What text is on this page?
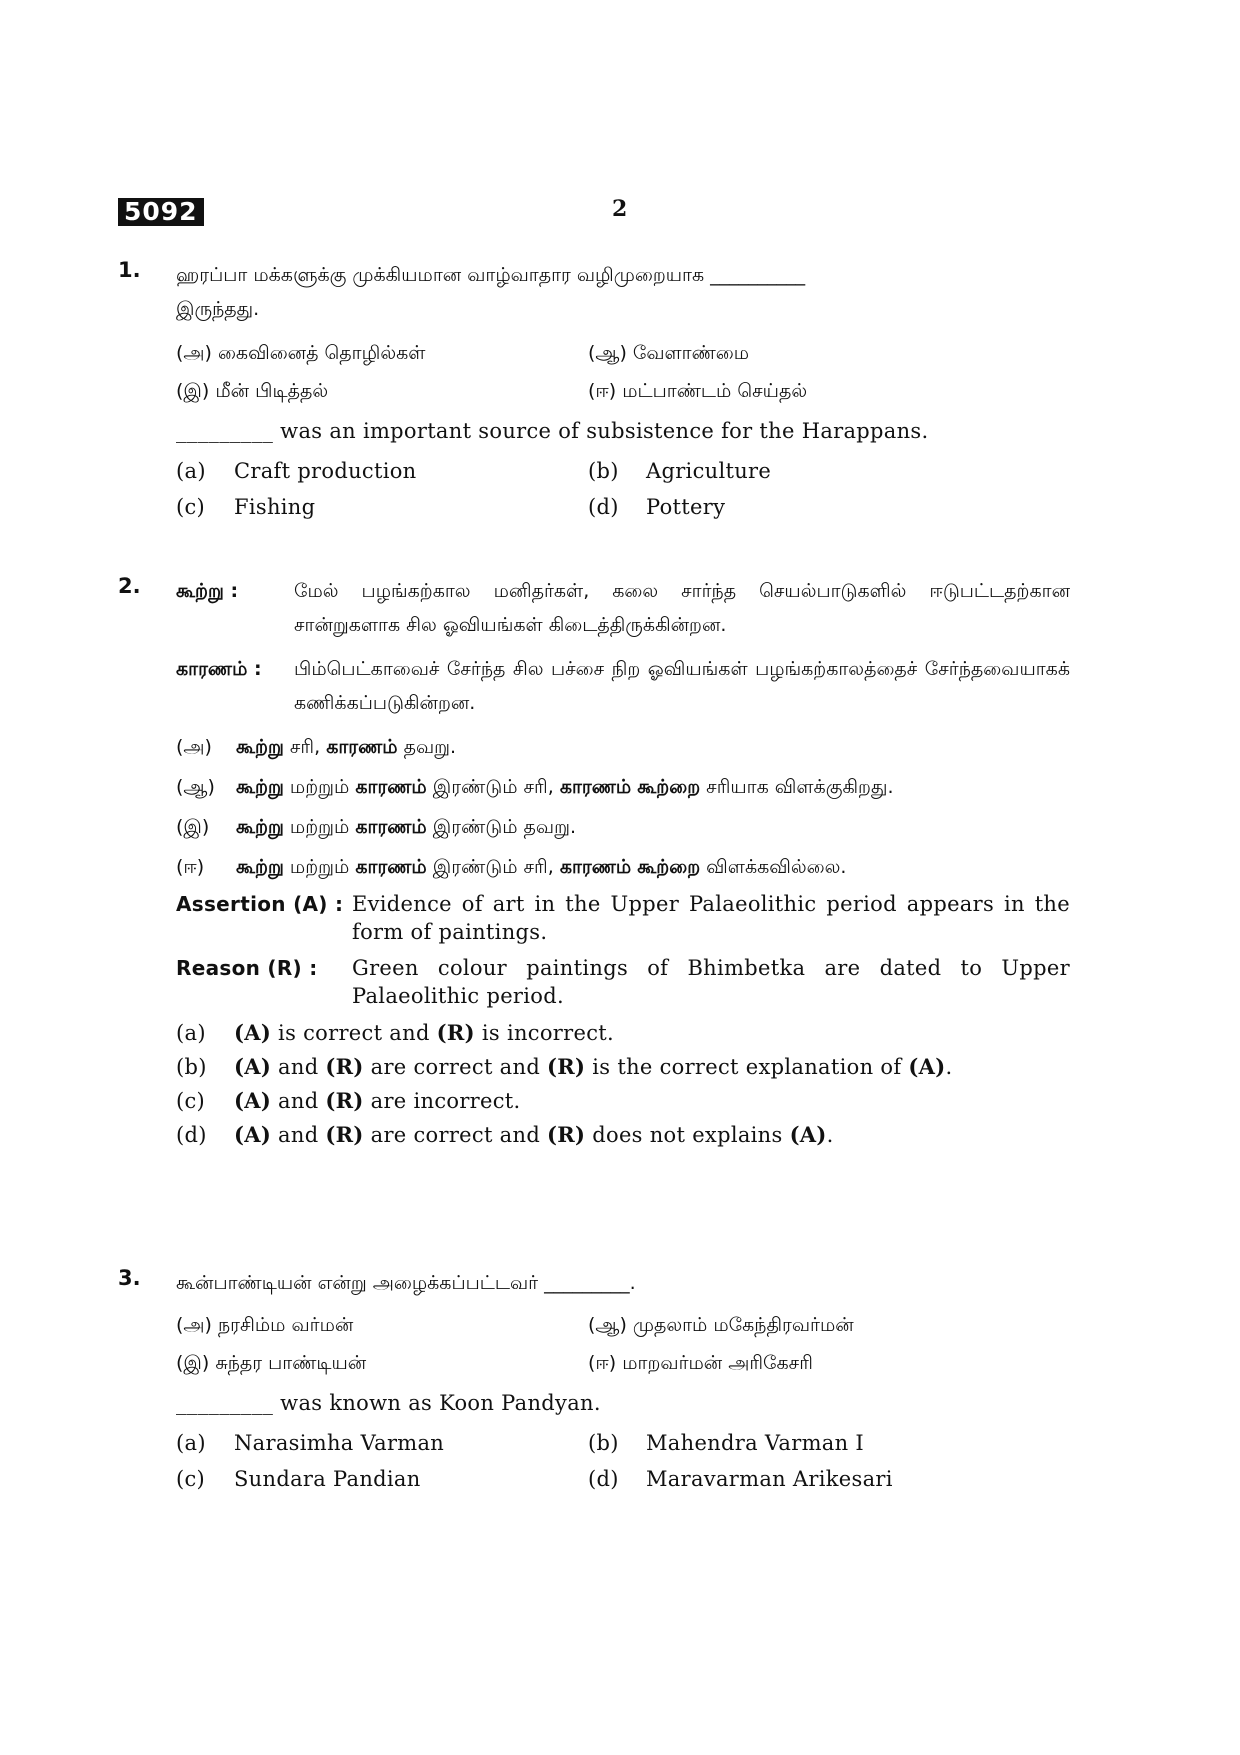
5092	2
1. ஹரப்பா மக்களுக்கு முக்கியமான வாழ்வாதார வழிமுறையாக __________
இருந்தது.
(அ) கைவினைத் தொழில்கள்	(ஆ) வேளாண்மை
(இ) மீன் பிடித்தல்	(ஈ) மட்பாண்டம் செய்தல்
_________ was an important source of subsistence for the Harappans.
(a)	Craft production	(b)	Agriculture
(c)	Fishing	(d)	Pottery
2. கூற்று :	மேல் பழங்கற்கால மனிதர்கள், கலை சார்ந்த செயல்பாடுகளில் ஈடுபட்டதற்கான சான்றுகளாக சில ஓவியங்கள் கிடைத்திருக்கின்றன.
காரணம் :	பிம்பெட்காவைச் சேர்ந்த சில பச்சை நிற ஓவியங்கள் பழங்கற்காலத்தைச் சேர்ந்தவையாகக் கணிக்கப்படுகின்றன.
(அ)	கூற்று சரி, காரணம் தவறு.
(ஆ)	கூற்று மற்றும் காரணம் இரண்டும் சரி, காரணம் கூற்றை சரியாக விளக்குகிறது.
(இ)	கூற்று மற்றும் காரணம் இரண்டும் தவறு.
(ஈ)	கூற்று மற்றும் காரணம் இரண்டும் சரி, காரணம் கூற்றை விளக்கவில்லை.
Assertion (A) : Evidence of art in the Upper Palaeolithic period appears in the form of paintings.
Reason (R) :	Green colour paintings of Bhimbetka are dated to Upper Palaeolithic period.
(a)	(A) is correct and (R) is incorrect.
(b)	(A) and (R) are correct and (R) is the correct explanation of (A).
(c)	(A) and (R) are incorrect.
(d)	(A) and (R) are correct and (R) does not explains (A).
3. கூன்பாண்டியன் என்று அழைக்கப்பட்டவர் _________.
(அ) நரசிம்ம வர்மன்	(ஆ) முதலாம் மகேந்திரவர்மன்
(இ) சுந்தர பாண்டியன்	(ஈ) மாறவர்மன் அரிகேசரி
_________ was known as Koon Pandyan.
(a)	Narasimha Varman	(b)	Mahendra Varman I
(c)	Sundara Pandian	(d)	Maravarman Arikesari
